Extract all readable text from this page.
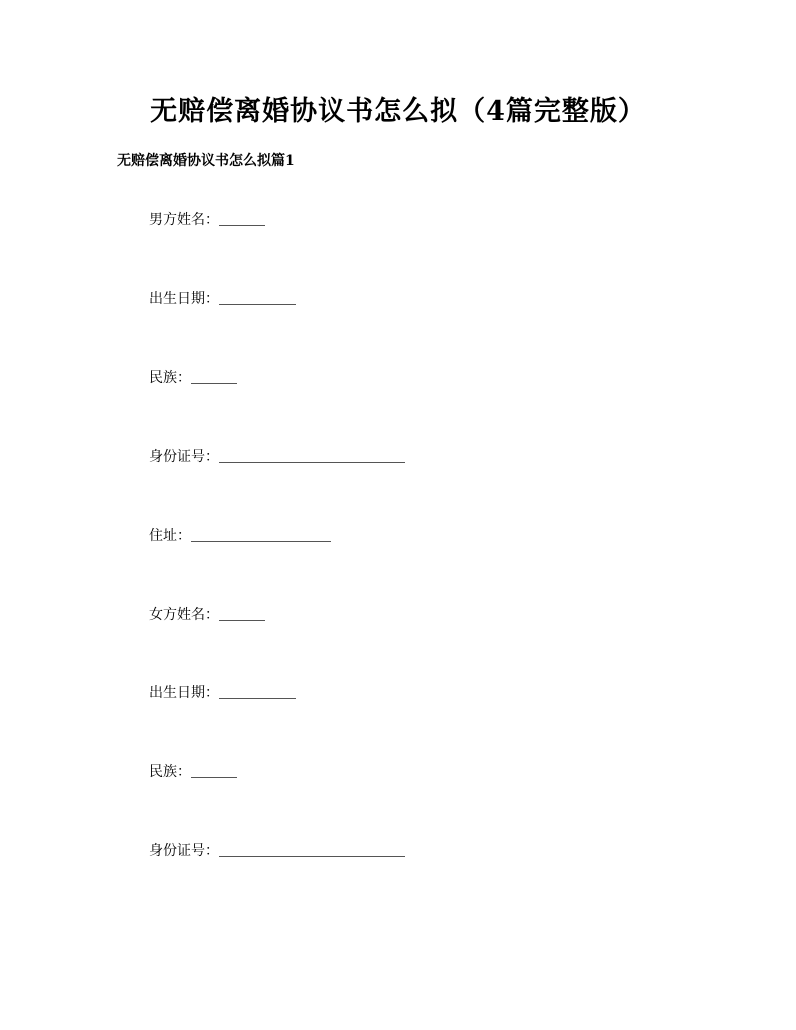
无赔偿离婚协议书怎么拟（4篇完整版）
无赔偿离婚协议书怎么拟篇1
男方姓名：
出生日期：
民族：
身份证号：
住址：
女方姓名：
出生日期：
民族：
身份证号：
